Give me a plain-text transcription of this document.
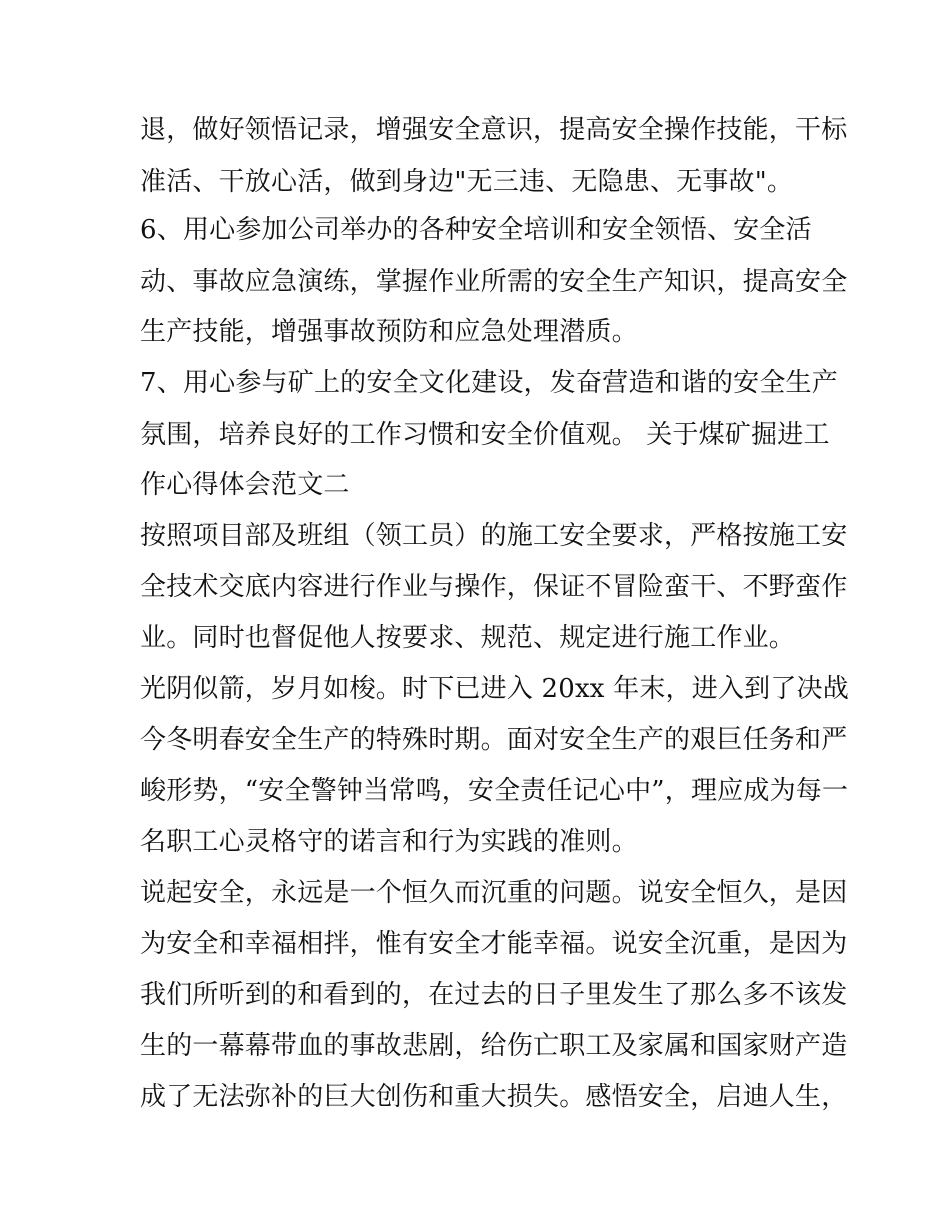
退，做好领悟记录，增强安全意识，提高安全操作技能，干标
准活、干放心活，做到身边"无三违、无隐患、无事故"。
6、用心参加公司举办的各种安全培训和安全领悟、安全活
动、事故应急演练，掌握作业所需的安全生产知识，提高安全
生产技能，增强事故预防和应急处理潜质。
7、用心参与矿上的安全文化建设，发奋营造和谐的安全生产
氛围，培养良好的工作习惯和安全价值观。 关于煤矿掘进工
作心得体会范文二
按照项目部及班组（领工员）的施工安全要求，严格按施工安
全技术交底内容进行作业与操作，保证不冒险蛮干、不野蛮作
业。同时也督促他人按要求、规范、规定进行施工作业。
光阴似箭，岁月如梭。时下已进入 20xx 年末，进入到了决战
今冬明春安全生产的特殊时期。面对安全生产的艰巨任务和严
峻形势，“安全警钟当常鸣，安全责任记心中”，理应成为每一
名职工心灵格守的诺言和行为实践的准则。
说起安全，永远是一个恒久而沉重的问题。说安全恒久，是因
为安全和幸福相拌，惟有安全才能幸福。说安全沉重，是因为
我们所听到的和看到的，在过去的日子里发生了那么多不该发
生的一幕幕带血的事故悲剧，给伤亡职工及家属和国家财产造
成了无法弥补的巨大创伤和重大损失。感悟安全，启迪人生，
